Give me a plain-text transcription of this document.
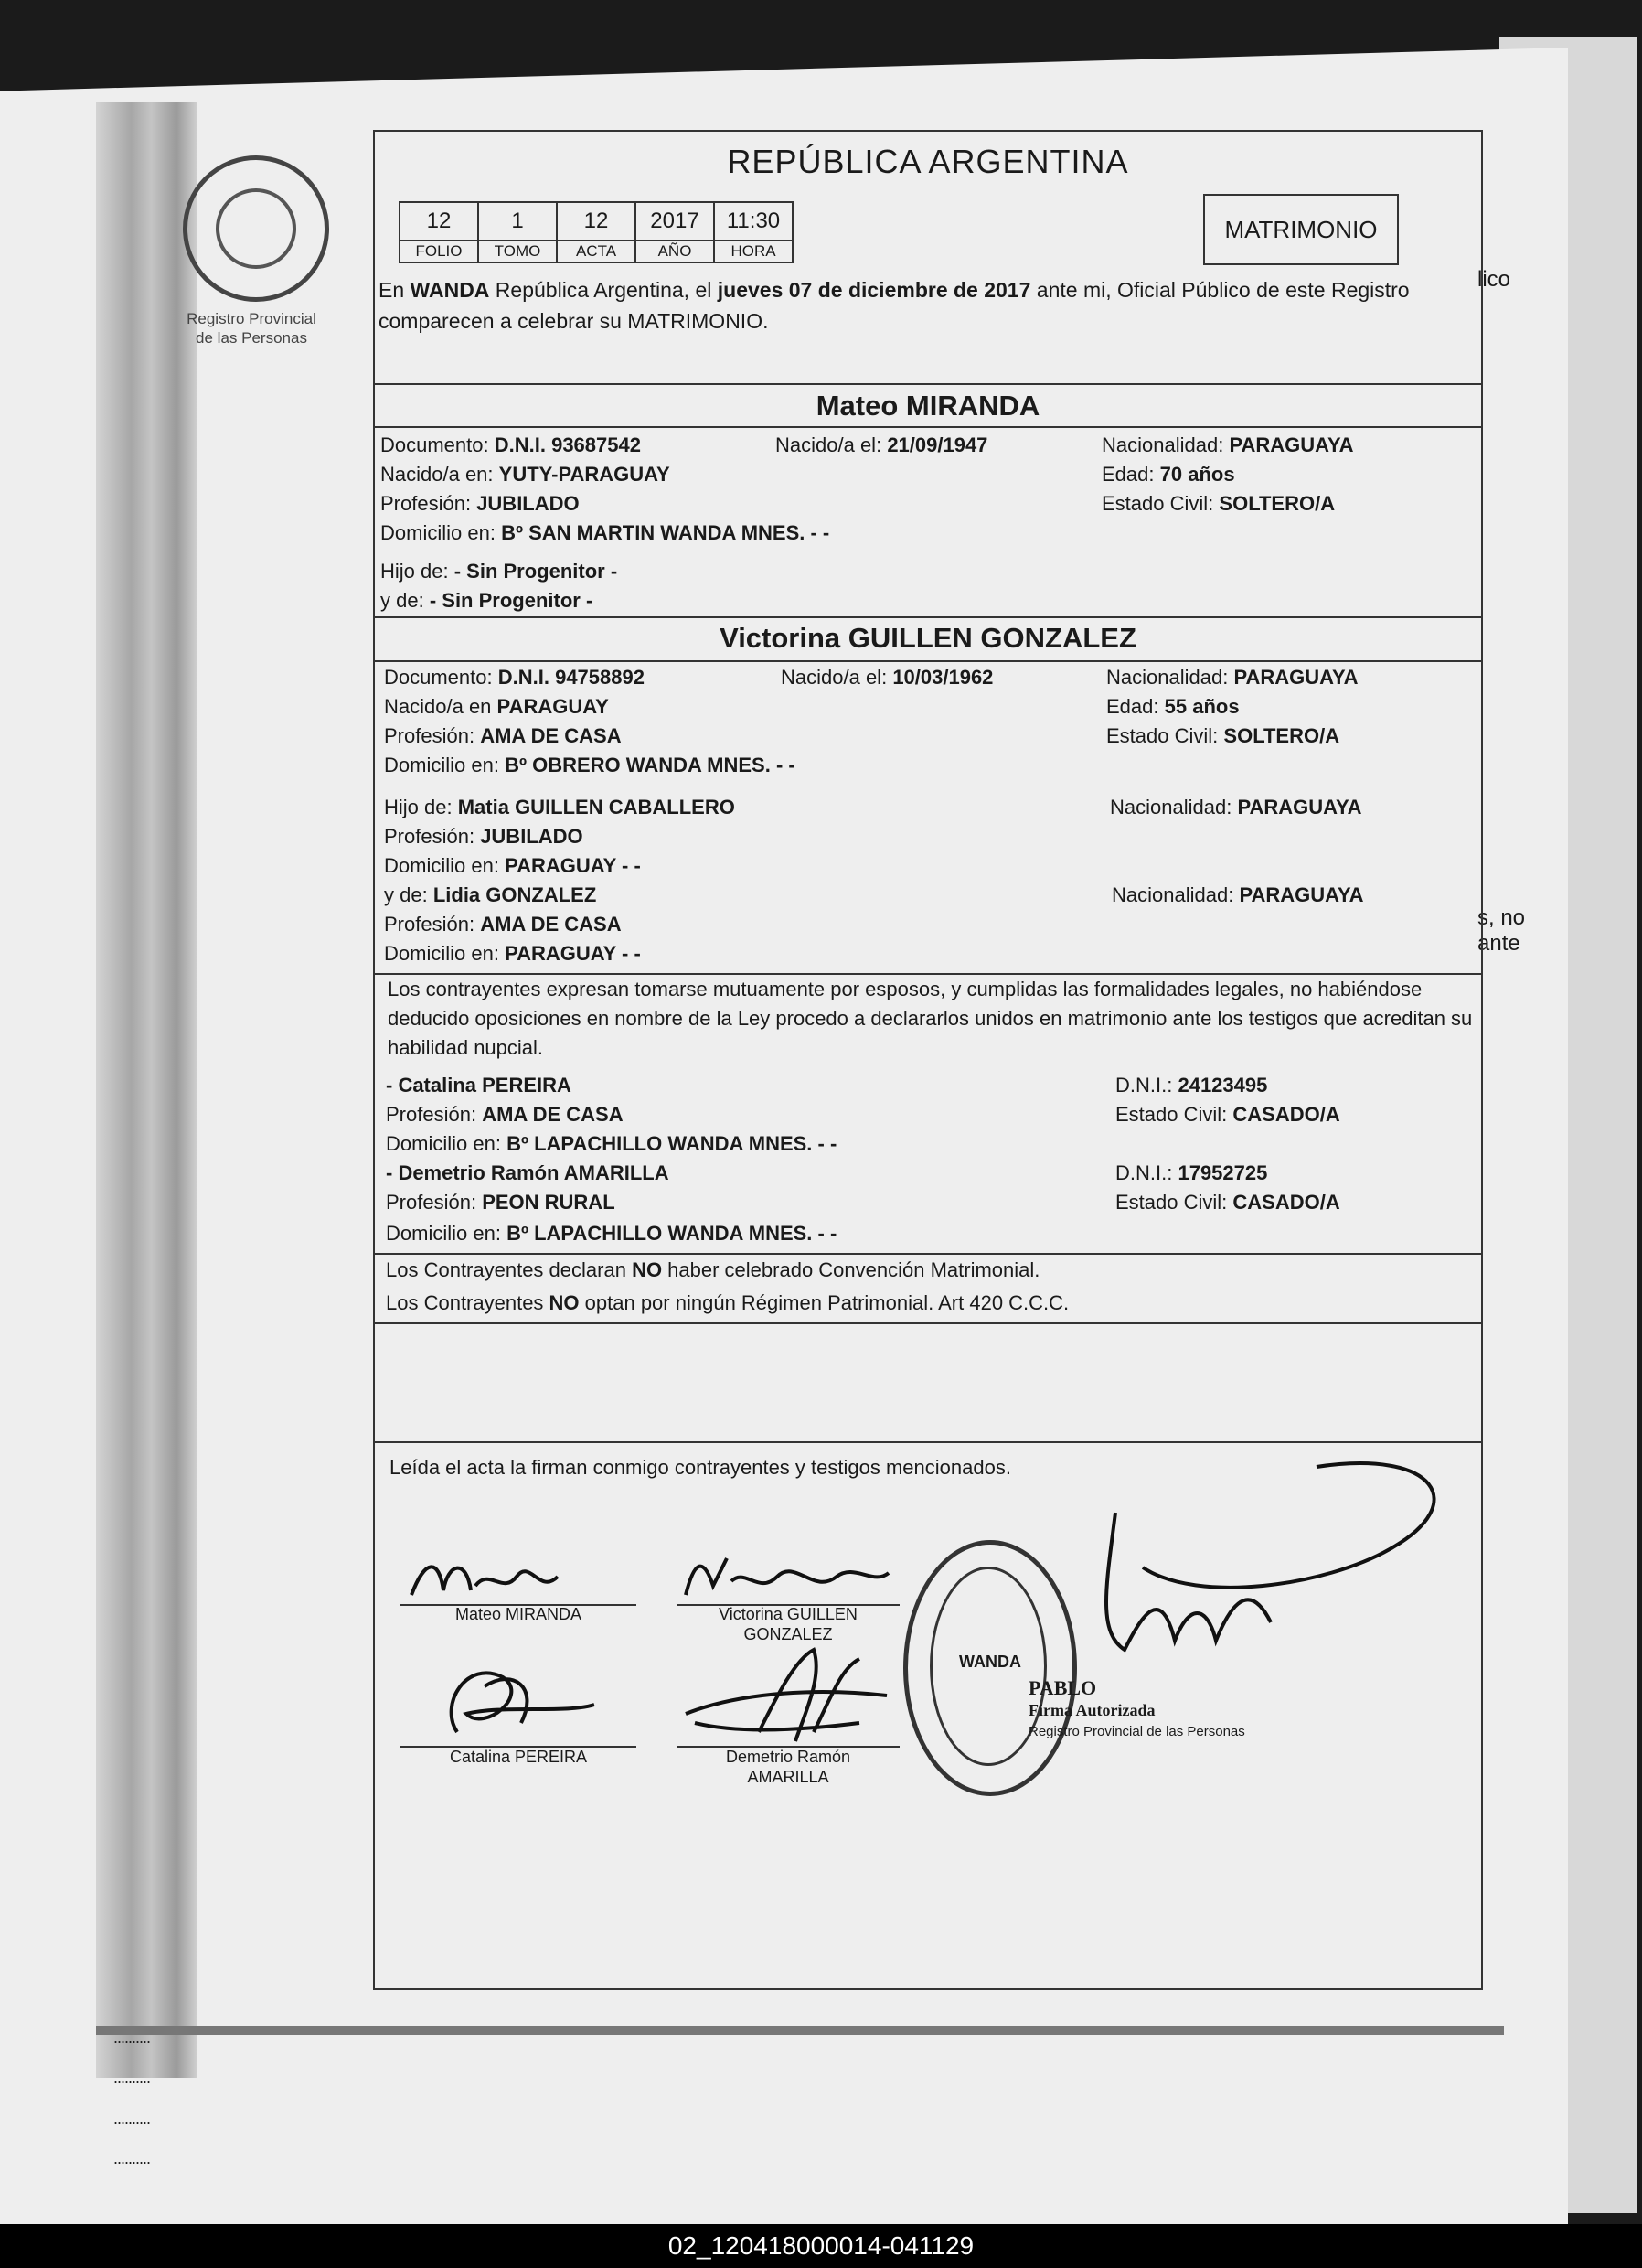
lico
s, no
ante
Registro Provincial
de las Personas
REPÚBLICA ARGENTINA
12	1	12	2017	11:30
FOLIO	TOMO	ACTA	AÑO	HORA
MATRIMONIO
En WANDA República Argentina, el jueves 07 de diciembre de 2017 ante mi, Oficial Público de este Registro comparecen a celebrar su MATRIMONIO.
Mateo MIRANDA
Documento: D.N.I. 93687542	Nacido/a el: 21/09/1947	Nacionalidad: PARAGUAYA
Nacido/a en: YUTY-PARAGUAY	Edad: 70 años
Profesión: JUBILADO	Estado Civil: SOLTERO/A
Domicilio en: Bº SAN MARTIN WANDA MNES. - -
Hijo de: - Sin Progenitor -
y de: - Sin Progenitor -
Victorina GUILLEN GONZALEZ
Documento: D.N.I. 94758892	Nacido/a el: 10/03/1962	Nacionalidad: PARAGUAYA
Nacido/a en PARAGUAY	Edad: 55 años
Profesión: AMA DE CASA	Estado Civil: SOLTERO/A
Domicilio en: Bº OBRERO WANDA MNES. - -
Hijo de: Matia GUILLEN CABALLERO	Nacionalidad: PARAGUAYA
Profesión: JUBILADO
Domicilio en: PARAGUAY - -
y de: Lidia GONZALEZ	Nacionalidad: PARAGUAYA
Profesión: AMA DE CASA
Domicilio en: PARAGUAY - -
Los contrayentes expresan tomarse mutuamente por esposos, y cumplidas las formalidades legales, no habiéndose deducido oposiciones en nombre de la Ley procedo a declararlos unidos en matrimonio ante los testigos que acreditan su habilidad nupcial.
- Catalina PEREIRA	D.N.I.: 24123495
Profesión: AMA DE CASA	Estado Civil: CASADO/A
Domicilio en: Bº LAPACHILLO WANDA MNES. - -
- Demetrio Ramón AMARILLA	D.N.I.: 17952725
Profesión: PEON RURAL	Estado Civil: CASADO/A
Domicilio en: Bº LAPACHILLO WANDA MNES. - -
Los Contrayentes declaran NO haber celebrado Convención Matrimonial.
Los Contrayentes NO optan por ningún Régimen Patrimonial. Art 420 C.C.C.
Leída el acta la firman conmigo contrayentes y testigos mencionados.
Mateo MIRANDA	Victorina GUILLEN
GONZALEZ
Catalina PEREIRA	Demetrio Ramón
AMARILLA
WANDA
PABLO
Firma Autorizada
Registro Provincial de las Personas
..........
..........
..........
..........
02_120418000014-041129
